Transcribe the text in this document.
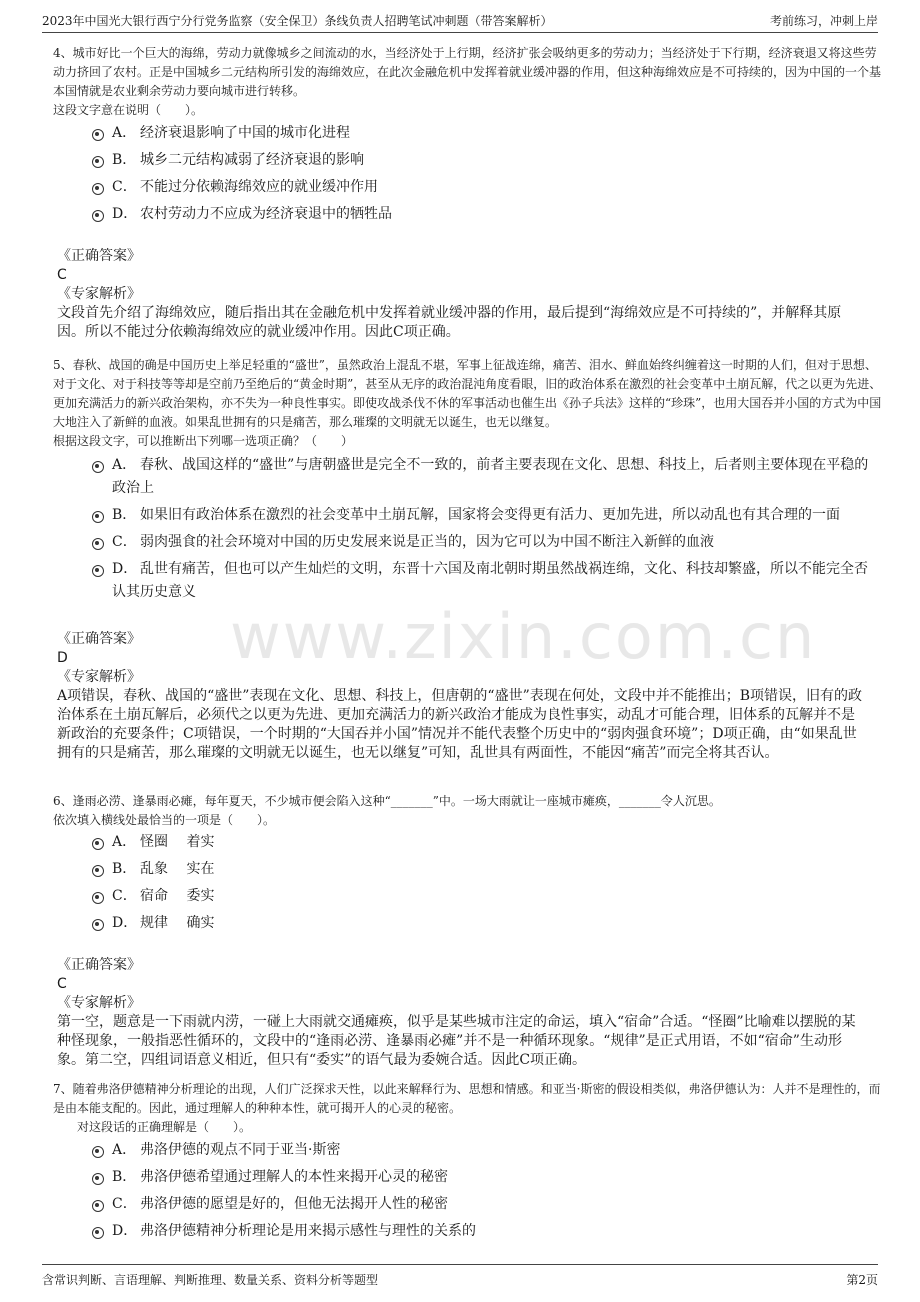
www.zixin.com.cn
2023年中国光大银行西宁分行党务监察（安全保卫）条线负责人招聘笔试冲刺题（带答案解析）	考前练习，冲刺上岸

4、城市好比一个巨大的海绵，劳动力就像城乡之间流动的水，当经济处于上行期，经济扩张会吸纳更多的劳动力；当经济处于下行期，经济衰退又将这些劳动力挤回了农村。正是中国城乡二元结构所引发的海绵效应，在此次金融危机中发挥着就业缓冲器的作用，但这种海绵效应是不可持续的，因为中国的一个基本国情就是农业剩余劳动力要向城市进行转移。

这段文字意在说明（　　）。

A． 经济衰退影响了中国的城市化进程
B． 城乡二元结构减弱了经济衰退的影响
C． 不能过分依赖海绵效应的就业缓冲作用
D． 农村劳动力不应成为经济衰退中的牺牲品
《正确答案》
C
《专家解析》

文段首先介绍了海绵效应，随后指出其在金融危机中发挥着就业缓冲器的作用，最后提到“海绵效应是不可持续的”，并解释其原因。所以不能过分依赖海绵效应的就业缓冲作用。因此C项正确。

5、春秋、战国的确是中国历史上举足轻重的“盛世”，虽然政治上混乱不堪，军事上征战连绵，痛苦、泪水、鲜血始终纠缠着这一时期的人们，但对于思想、对于文化、对于科技等等却是空前乃至绝后的“黄金时期”，甚至从无序的政治混沌角度看眼，旧的政治体系在激烈的社会变革中土崩瓦解，代之以更为先进、更加充满活力的新兴政治架构，亦不失为一种良性事实。即使攻战杀伐不休的军事活动也催生出《孙子兵法》这样的“珍珠”，也用大国吞并小国的方式为中国大地注入了新鲜的血液。如果乱世拥有的只是痛苦，那么璀璨的文明就无以诞生，也无以继复。

根据这段文字，可以推断出下列哪一选项正确？（　　）

A． 春秋、战国这样的“盛世”与唐朝盛世是完全不一致的，前者主要表现在文化、思想、科技上，后者则主要体现在平稳的政治上
B． 如果旧有政治体系在激烈的社会变革中土崩瓦解，国家将会变得更有活力、更加先进，所以动乱也有其合理的一面
C． 弱肉强食的社会环境对中国的历史发展来说是正当的，因为它可以为中国不断注入新鲜的血液
D． 乱世有痛苦，但也可以产生灿烂的文明，东晋十六国及南北朝时期虽然战祸连绵，文化、科技却繁盛，所以不能完全否认其历史意义
《正确答案》
D
《专家解析》

A项错误，春秋、战国的“盛世”表现在文化、思想、科技上，但唐朝的“盛世”表现在何处，文段中并不能推出；B项错误，旧有的政治体系在土崩瓦解后，必须代之以更为先进、更加充满活力的新兴政治才能成为良性事实，动乱才可能合理，旧体系的瓦解并不是新政治的充要条件；C项错误，一个时期的“大国吞并小国”情况并不能代表整个历史中的“弱肉强食环境”；D项正确，由“如果乱世拥有的只是痛苦，那么璀璨的文明就无以诞生，也无以继复”可知，乱世具有两面性，不能因“痛苦”而完全将其否认。

6、逢雨必涝、逢暴雨必瘫，每年夏天，不少城市便会陷入这种“_______”中。一场大雨就让一座城市瘫痪，_______令人沉思。

依次填入横线处最恰当的一项是（　　）。

A． 怪圈　 着实
B． 乱象　 实在
C． 宿命　 委实
D． 规律　 确实
《正确答案》
C
《专家解析》

第一空，题意是一下雨就内涝，一碰上大雨就交通瘫痪，似乎是某些城市注定的命运，填入“宿命”合适。“怪圈”比喻难以摆脱的某种怪现象，一般指恶性循环的，文段中的“逢雨必涝、逢暴雨必瘫”并不是一种循环现象。“规律”是正式用语，不如“宿命”生动形象。第二空，四组词语意义相近，但只有“委实”的语气最为委婉合适。因此C项正确。

7、随着弗洛伊德精神分析理论的出现，人们广泛探求天性，以此来解释行为、思想和情感。和亚当·斯密的假设相类似，弗洛伊德认为：人并不是理性的，而是由本能支配的。因此，通过理解人的种种本性，就可揭开人的心灵的秘密。

对这段话的正确理解是（　　）。

A． 弗洛伊德的观点不同于亚当·斯密
B． 弗洛伊德希望通过理解人的本性来揭开心灵的秘密
C． 弗洛伊德的愿望是好的，但他无法揭开人性的秘密
D． 弗洛伊德精神分析理论是用来揭示感性与理性的关系的
含常识判断、言语理解、判断推理、数量关系、资料分析等题型	第2页
